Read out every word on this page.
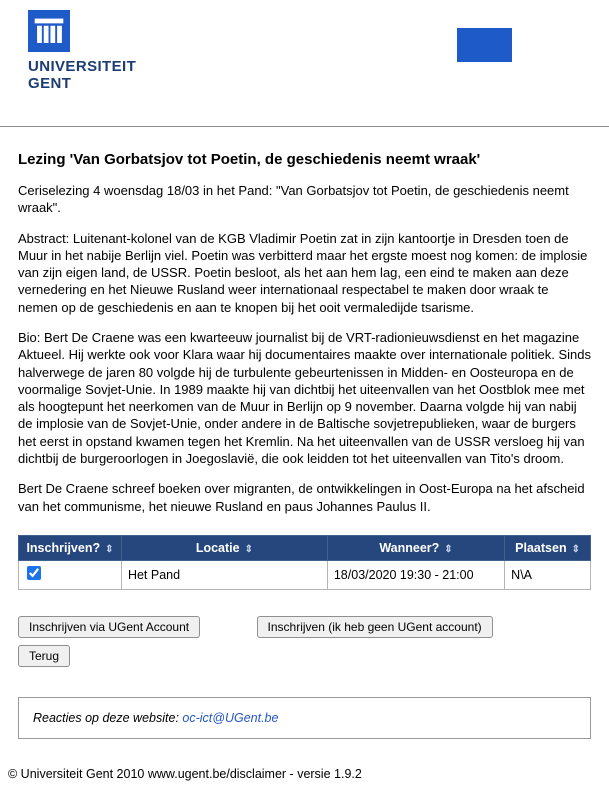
UNIVERSITEIT
GENT
Lezing 'Van Gorbatsjov tot Poetin, de geschiedenis neemt wraak'

Ceriselezing 4 woensdag 18/03 in het Pand: "Van Gorbatsjov tot Poetin, de geschiedenis neemt wraak".

Abstract: Luitenant-kolonel van de KGB Vladimir Poetin zat in zijn kantoortje in Dresden toen de Muur in het nabije Berlijn viel. Poetin was verbitterd maar het ergste moest nog komen: de implosie van zijn eigen land, de USSR. Poetin besloot, als het aan hem lag, een eind te maken aan deze vernedering en het Nieuwe Rusland weer internationaal respectabel te maken door wraak te nemen op de geschiedenis en aan te knopen bij het ooit vermaledijde tsarisme.

Bio: Bert De Craene was een kwarteeuw journalist bij de VRT-radionieuwsdienst en het magazine Aktueel. Hij werkte ook voor Klara waar hij documentaires maakte over internationale politiek. Sinds halverwege de jaren 80 volgde hij de turbulente gebeurtenissen in Midden- en Oosteuropa en de voormalige Sovjet-Unie. In 1989 maakte hij van dichtbij het uiteenvallen van het Oostblok mee met als hoogtepunt het neerkomen van de Muur in Berlijn op 9 november. Daarna volgde hij van nabij de implosie van de Sovjet-Unie, onder andere in de Baltische sovjetrepublieken, waar de burgers het eerst in opstand kwamen tegen het Kremlin. Na het uiteenvallen van de USSR versloeg hij van dichtbij de burgeroorlogen in Joegoslavië, die ook leidden tot het uiteenvallen van Tito's droom.

Bert De Craene schreef boeken over migranten, de ontwikkelingen in Oost-Europa na het afscheid van het communisme, het nieuwe Rusland en paus Johannes Paulus II.

Inschrijven? ⇕	Locatie ⇕	Wanneer? ⇕	Plaatsen ⇕
	Het Pand	18/03/2020 19:30 - 21:00	N\A
Inschrijven via UGent Account	Inschrijven (ik heb geen UGent account)
Terug
Reacties op deze website: oc-ict@UGent.be
© Universiteit Gent 2010 www.ugent.be/disclaimer - versie 1.9.2
